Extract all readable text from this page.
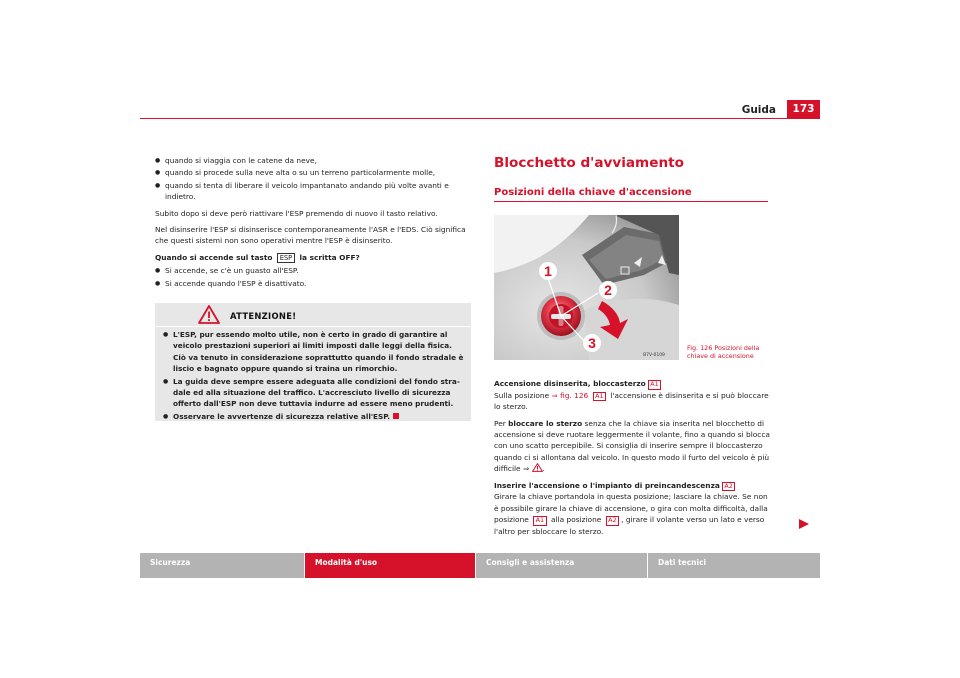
Guida	173
● quando si viaggia con le catene da neve,
● quando si procede sulla neve alta o su un terreno particolarmente molle,
● quando si tenta di liberare il veicolo impantanato andando più volte avanti e indietro.
Subito dopo si deve però riattivare l'ESP premendo di nuovo il tasto relativo.
Nel disinserire l'ESP si disinserisce contemporaneamente l'ASR e l'EDS. Ciò significa che questi sistemi non sono operativi mentre l'ESP è disinserito.
Quando si accende sul tasto ESP la scritta OFF?
● Si accende, se c'è un guasto all'ESP.
● Si accende quando l'ESP è disattivato.
ATTENZIONE!
● L'ESP, pur essendo molto utile, non è certo in grado di garantire al veicolo prestazioni superiori ai limiti imposti dalle leggi della fisica. Ciò va tenuto in considerazione soprattutto quando il fondo stradale è liscio e bagnato oppure quando si traina un rimorchio.
● La guida deve sempre essere adeguata alle condizioni del fondo stradale ed alla situazione del traffico. L'accresciuto livello di sicurezza offerto dall'ESP non deve tuttavia indurre ad essere meno prudenti.
● Osservare le avvertenze di sicurezza relative all'ESP.
Blocchetto d'avviamento
Posizioni della chiave d'accensione
1
2
3
B7V-0109
Fig. 126 Posizioni della chiave di accensione
Accensione disinserita, bloccasterzo A1
Sulla posizione ⇒ fig. 126 A1 l'accensione è disinserita e si può bloccare lo sterzo.
Per bloccare lo sterzo senza che la chiave sia inserita nel blocchetto di accensione si deve ruotare leggermente il volante, fino a quando si blocca con uno scatto percepibile. Si consiglia di inserire sempre il bloccasterzo quando ci si allontana dal veicolo. In questo modo il furto del veicolo è più difficile ⇒ .
Inserire l'accensione o l'impianto di preincandescenza A2
Girare la chiave portandola in questa posizione; lasciare la chiave. Se non è possibile girare la chiave di accensione, o gira con molta difficoltà, dalla posizione A1 alla posizione A2 , girare il volante verso un lato e verso l'altro per sbloccare lo sterzo.
Sicurezza	Modalità d'uso	Consigli e assistenza	Dati tecnici
